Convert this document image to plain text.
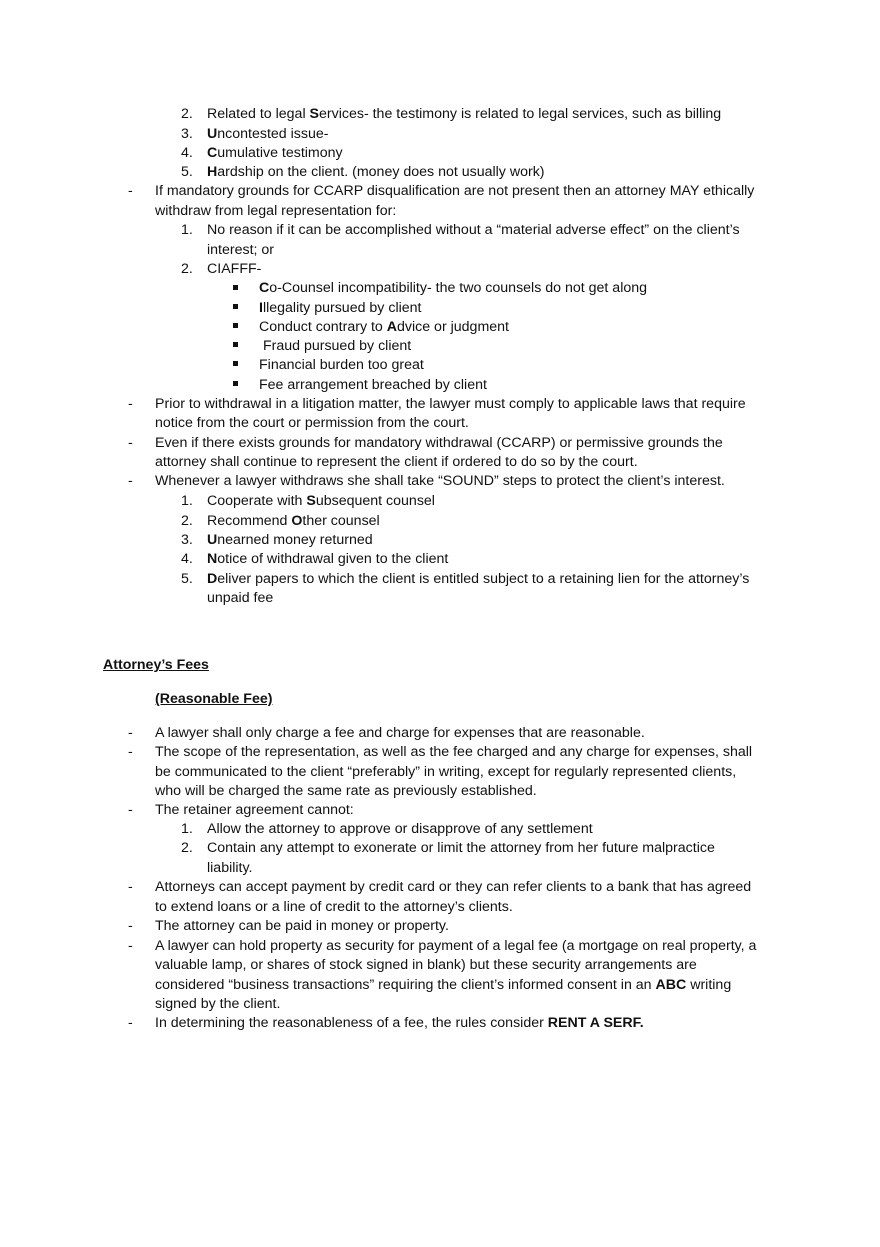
2. Related to legal Services- the testimony is related to legal services, such as billing
3. Uncontested issue-
4. Cumulative testimony
5. Hardship on the client. (money does not usually work)
- If mandatory grounds for CCARP disqualification are not present then an attorney MAY ethically
withdraw from legal representation for:
1. No reason if it can be accomplished without a “material adverse effect” on the client’s
interest; or
2. CIAFFF-
Co-Counsel incompatibility- the two counsels do not get along
Illegality pursued by client
Conduct contrary to Advice or judgment
Fraud pursued by client
Financial burden too great
Fee arrangement breached by client
- Prior to withdrawal in a litigation matter, the lawyer must comply to applicable laws that require
notice from the court or permission from the court.
- Even if there exists grounds for mandatory withdrawal (CCARP) or permissive grounds the
attorney shall continue to represent the client if ordered to do so by the court.
- Whenever a lawyer withdraws she shall take “SOUND” steps to protect the client’s interest.
1. Cooperate with Subsequent counsel
2. Recommend Other counsel
3. Unearned money returned
4. Notice of withdrawal given to the client
5. Deliver papers to which the client is entitled subject to a retaining lien for the attorney’s
unpaid fee
Attorney’s Fees
(Reasonable Fee)
- A lawyer shall only charge a fee and charge for expenses that are reasonable.
- The scope of the representation, as well as the fee charged and any charge for expenses, shall
be communicated to the client “preferably” in writing, except for regularly represented clients,
who will be charged the same rate as previously established.
- The retainer agreement cannot:
1. Allow the attorney to approve or disapprove of any settlement
2. Contain any attempt to exonerate or limit the attorney from her future malpractice
liability.
- Attorneys can accept payment by credit card or they can refer clients to a bank that has agreed
to extend loans or a line of credit to the attorney’s clients.
- The attorney can be paid in money or property.
- A lawyer can hold property as security for payment of a legal fee (a mortgage on real property, a
valuable lamp, or shares of stock signed in blank) but these security arrangements are
considered “business transactions” requiring the client’s informed consent in an ABC writing
signed by the client.
- In determining the reasonableness of a fee, the rules consider RENT A SERF.
